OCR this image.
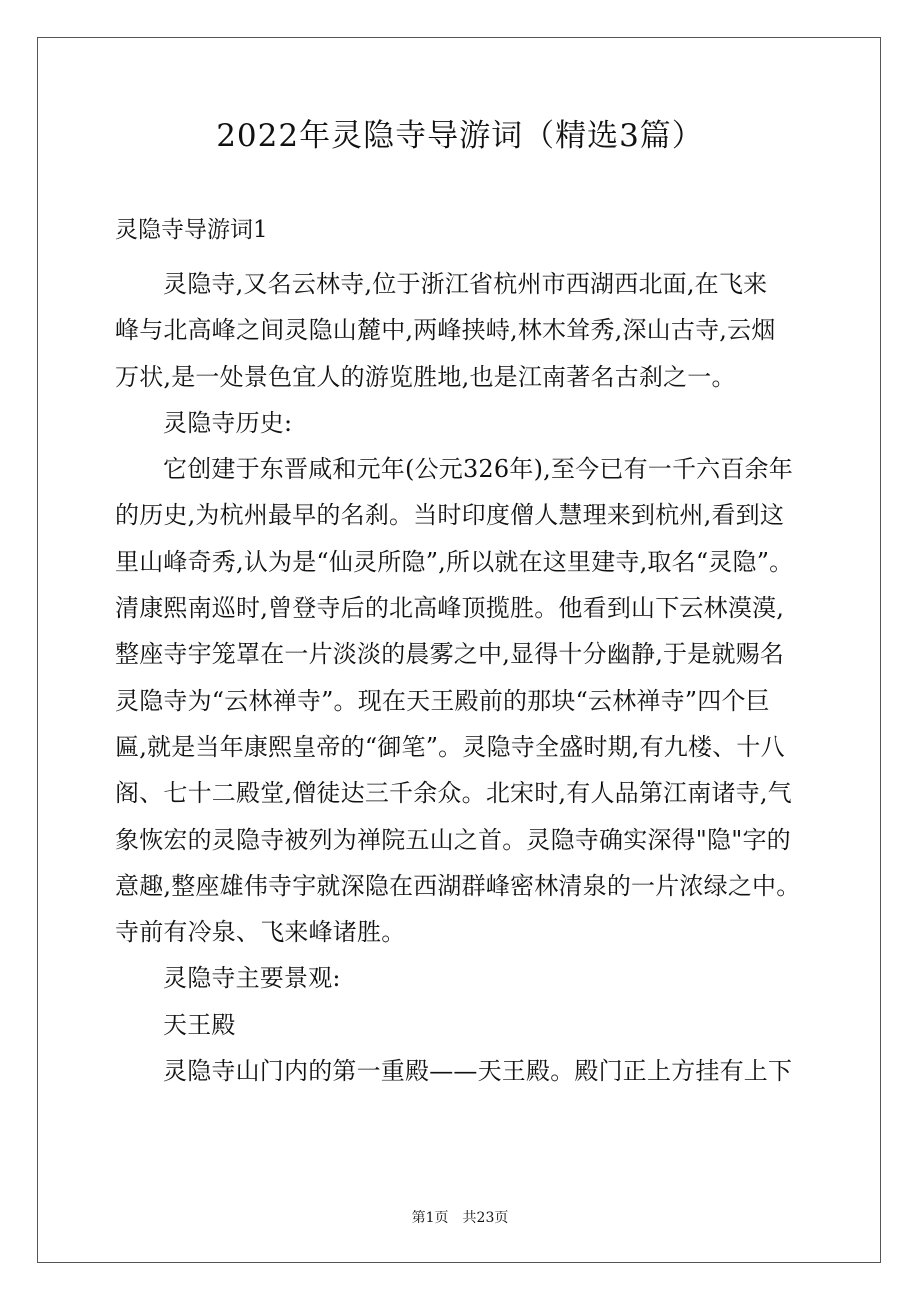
2022年灵隐寺导游词（精选3篇）
灵隐寺导游词1
灵隐寺,又名云林寺,位于浙江省杭州市西湖西北面,在飞来
峰与北高峰之间灵隐山麓中,两峰挟峙,林木耸秀,深山古寺,云烟
万状,是一处景色宜人的游览胜地,也是江南著名古刹之一。
灵隐寺历史:
它创建于东晋咸和元年(公元326年),至今已有一千六百余年
的历史,为杭州最早的名刹。当时印度僧人慧理来到杭州,看到这
里山峰奇秀,认为是“仙灵所隐”,所以就在这里建寺,取名“灵隐”。
清康熙南巡时,曾登寺后的北高峰顶揽胜。他看到山下云林漠漠,
整座寺宇笼罩在一片淡淡的晨雾之中,显得十分幽静,于是就赐名
灵隐寺为“云林禅寺”。现在天王殿前的那块“云林禅寺”四个巨
匾,就是当年康熙皇帝的“御笔”。灵隐寺全盛时期,有九楼、十八
阁、七十二殿堂,僧徒达三千余众。北宋时,有人品第江南诸寺,气
象恢宏的灵隐寺被列为禅院五山之首。灵隐寺确实深得"隐"字的
意趣,整座雄伟寺宇就深隐在西湖群峰密林清泉的一片浓绿之中。
寺前有冷泉、飞来峰诸胜。
灵隐寺主要景观:
天王殿
灵隐寺山门内的第一重殿——天王殿。殿门正上方挂有上下
第1页 共23页
